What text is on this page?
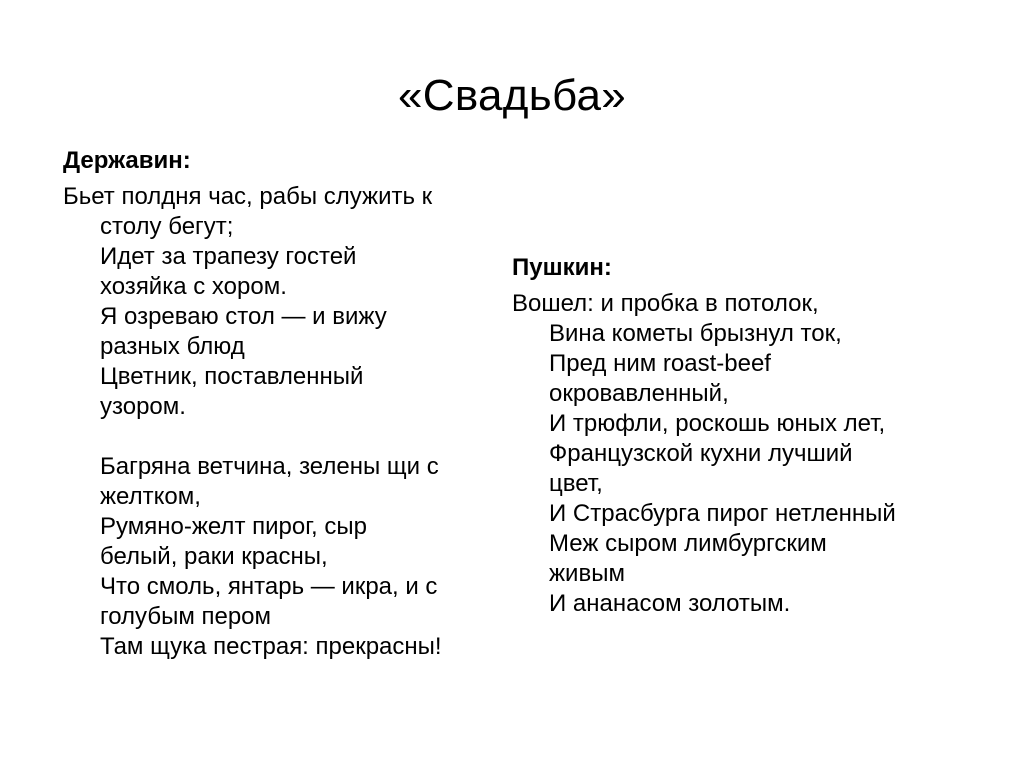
«Свадьба»
Державин:
Бьет полдня час, рабы служить к
столу бегут;
Идет за трапезу гостей
хозяйка с хором.
Я озреваю стол — и вижу
разных блюд
Цветник, поставленный
узором.
Багряна ветчина, зелены щи с
желтком,
Румяно-желт пирог, сыр
белый, раки красны,
Что смоль, янтарь — икра, и с
голубым пером
Там щука пестрая: прекрасны!
Пушкин:
Вошел: и пробка в потолок,
Вина кометы брызнул ток,
Пред ним roast-beef
окровавленный,
И трюфли, роскошь юных лет,
Французской кухни лучший
цвет,
И Страсбурга пирог нетленный
Меж сыром лимбургским
живым
И ананасом золотым.
